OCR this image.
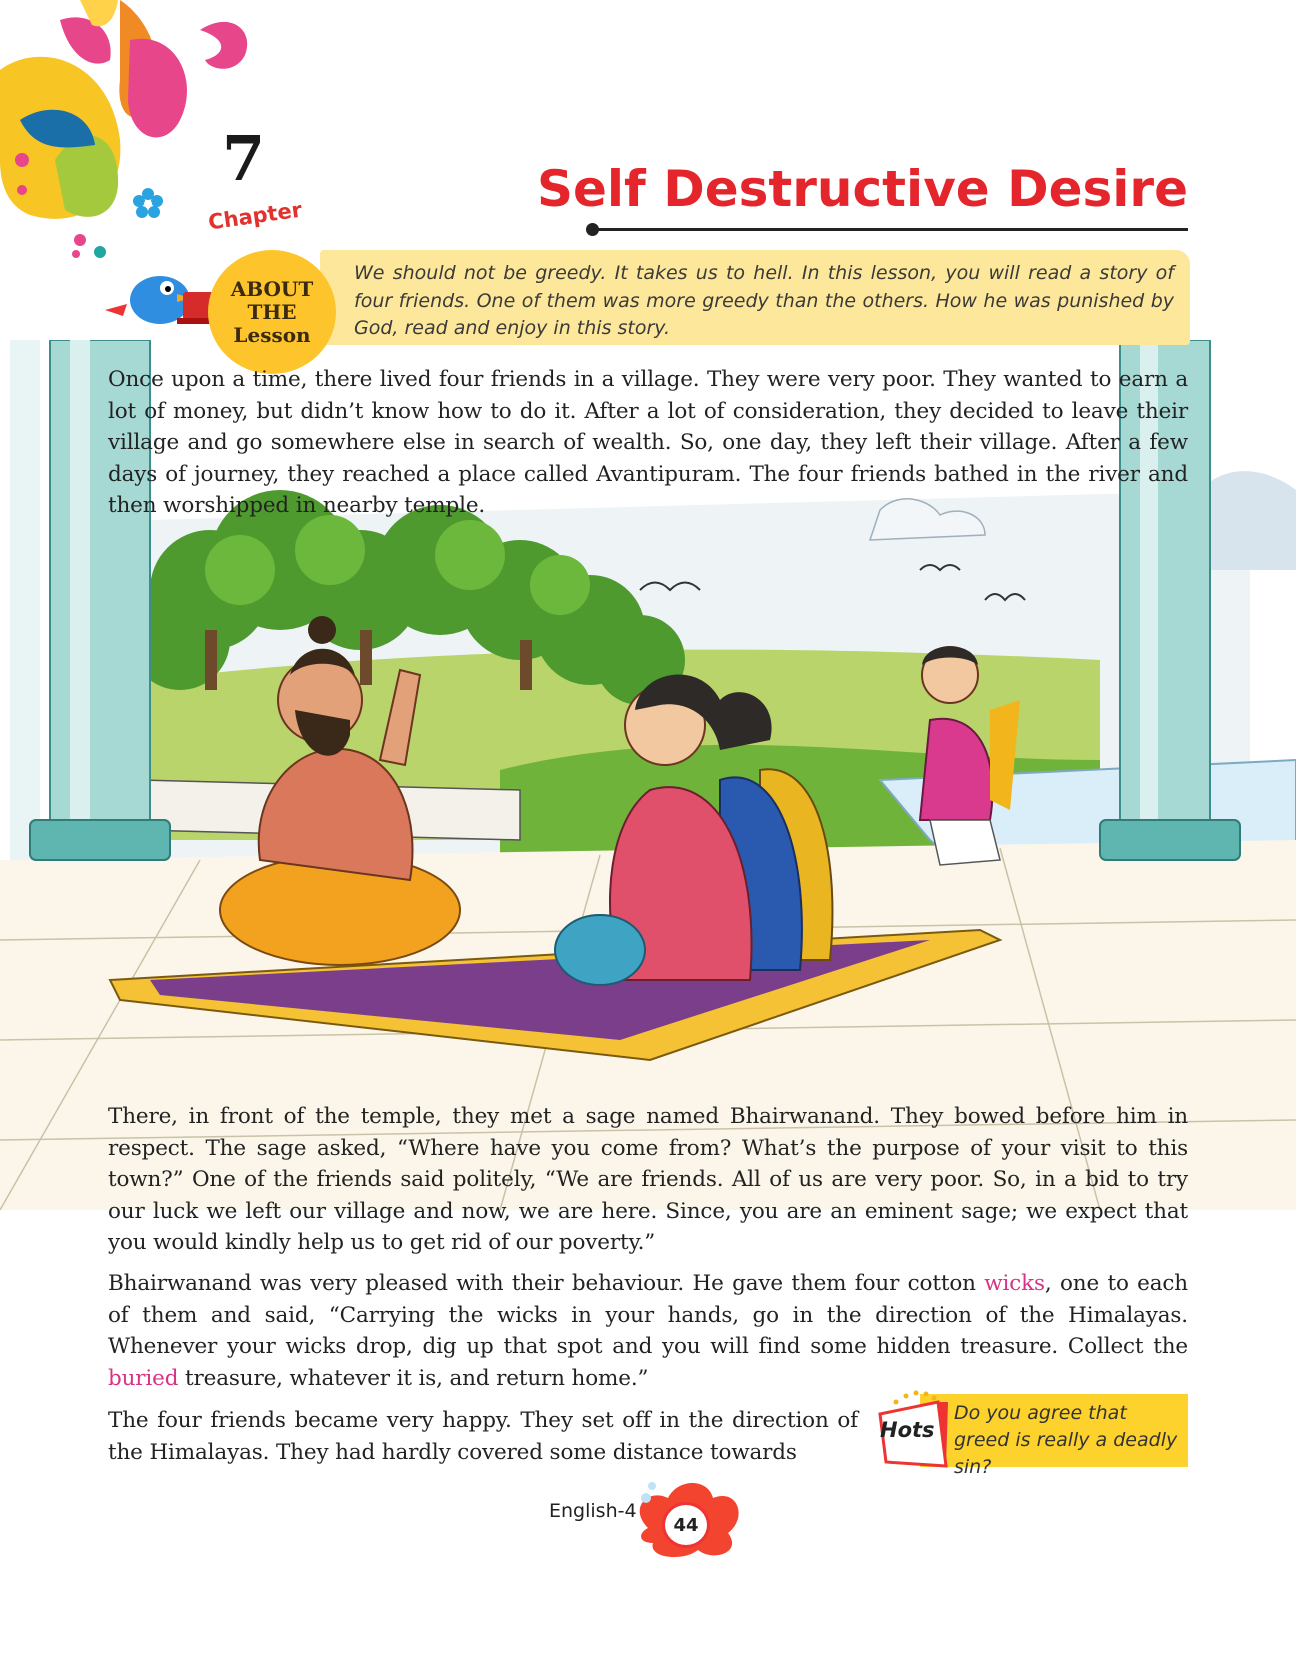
7
Chapter	Self Destructive Desire
ABOUT
THE
Lesson
We should not be greedy. It takes us to hell. In this lesson, you will read a story of four friends. One of them was more greedy than the others. How he was punished by God, read and enjoy in this story.
Once upon a time, there lived four friends in a village. They were very poor. They wanted to earn a lot of money, but didn’t know how to do it. After a lot of consideration, they decided to leave their village and go somewhere else in search of wealth. So, one day, they left their village. After a few days of journey, they reached a place called Avantipuram. The four friends bathed in the river and then worshipped in nearby temple.
There, in front of the temple, they met a sage named Bhairwanand. They bowed before him in respect. The sage asked, “Where have you come from? What’s the purpose of your visit to this town?” One of the friends said politely, “We are friends. All of us are very poor. So, in a bid to try our luck we left our village and now, we are here. Since, you are an eminent sage; we expect that you would kindly help us to get rid of our poverty.”
Bhairwanand was very pleased with their behaviour. He gave them four cotton wicks, one to each of them and said, “Carrying the wicks in your hands, go in the direction of the Himalayas. Whenever your wicks drop, dig up that spot and you will find some hidden treasure. Collect the buried treasure, whatever it is, and return home.”
The four friends became very happy. They set off in the direction of the Himalayas. They had hardly covered some distance towards
Hots
Do you agree that greed is really a deadly sin?
English-4
44
